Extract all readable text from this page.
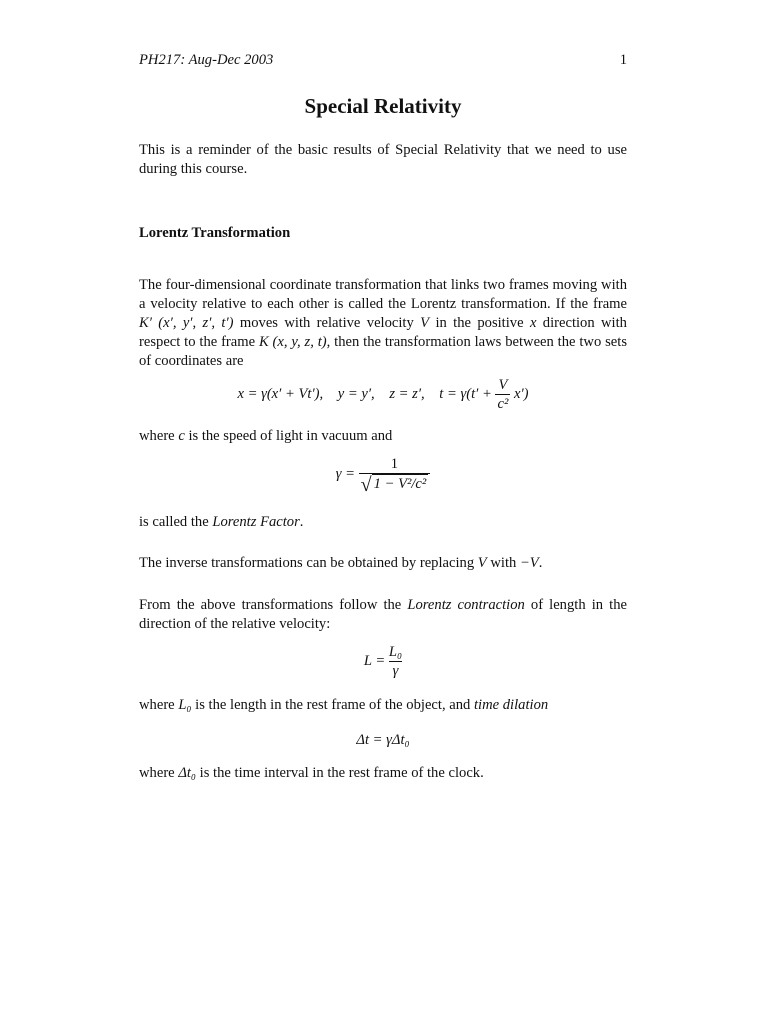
PH217: Aug-Dec 2003	1
Special Relativity

This is a reminder of the basic results of Special Relativity that we need to use during this course.

Lorentz Transformation

The four-dimensional coordinate transformation that links two frames moving with a velocity relative to each other is called the Lorentz transformation. If the frame K′ (x′, y′, z′, t′) moves with relative velocity V in the positive x direction with respect to the frame K (x, y, z, t), then the transformation laws between the two sets of coordinates are

x = γ(x′ + Vt′), y = y′, z = z′, $t = \gamma(t' + \frac{V}{\text{c²}} x')$

where c is the speed of light in vacuum and

$\gamma = \frac{1}{\text{√ 1 − V²/c²}}$

is called the Lorentz Factor.

The inverse transformations can be obtained by replacing V with −V.

From the above transformations follow the Lorentz contraction of length in the direction of the relative velocity:

$L = \frac{\text{L₀}}{\gamma}$

where L₀ is the length in the rest frame of the object, and time dilation

Δt = γΔt₀

where Δt₀ is the time interval in the rest frame of the clock.
